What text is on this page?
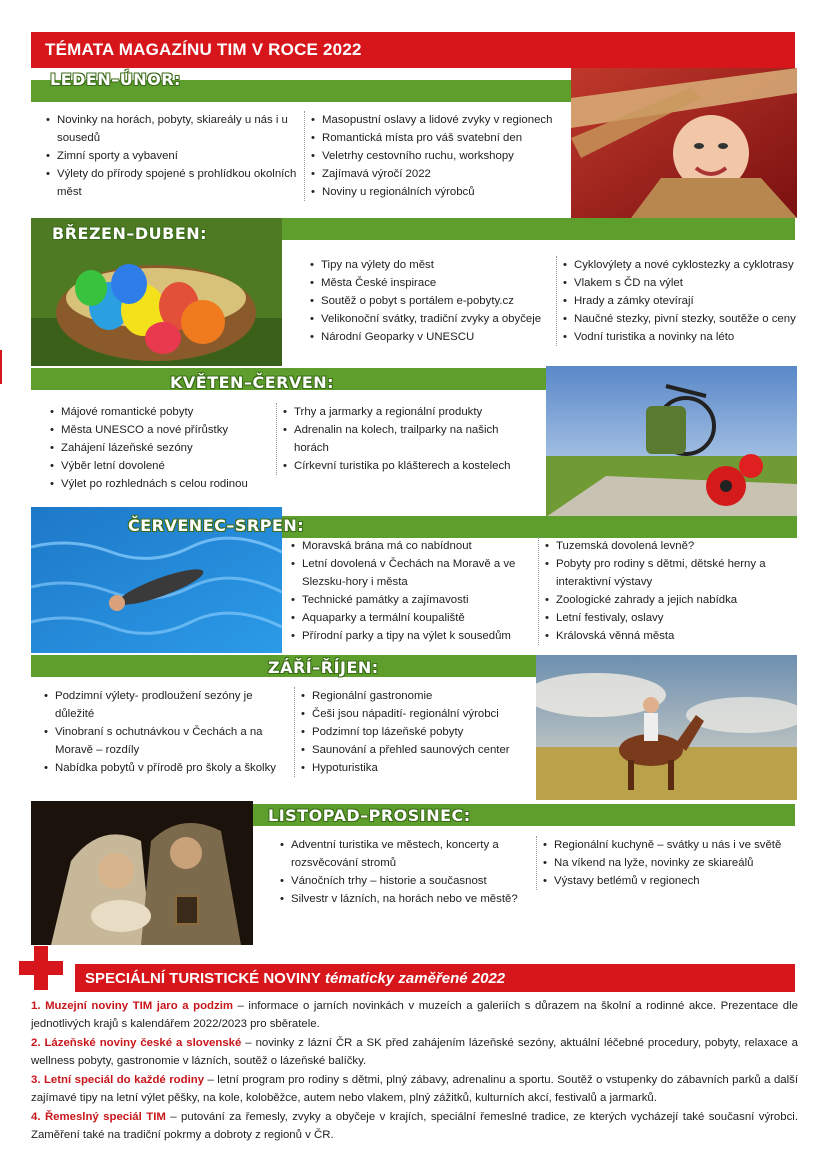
TÉMATA MAGAZÍNU TIM V ROCE 2022
LEDEN–ÚNOR:
• Novinky na horách, pobyty, skiareály u nás i u sousedů
• Zimní sporty a vybavení
• Výlety do přírody spojené s prohlídkou okolních měst
• Masopustní oslavy a lidové zvyky v regionech
• Romantická místa pro váš svatební den
• Veletrhy cestovního ruchu, workshopy
• Zajímavá výročí 2022
• Noviny u regionálních výrobců
BŘEZEN–DUBEN:
• Tipy na výlety do měst
• Města České inspirace
• Soutěž o pobyt s portálem e-pobyty.cz
• Velikonoční svátky, tradiční zvyky a obyčeje
• Národní Geoparky v UNESCU
• Cyklovýlety a nové cyklostezky a cyklotrasy
• Vlakem s ČD na výlet
• Hrady a zámky otevírají
• Naučné stezky, pivní stezky, soutěže o ceny
• Vodní turistika a novinky na léto
KVĚTEN–ČERVEN:
• Májové romantické pobyty
• Města UNESCO a nové přírůstky
• Zahájení lázeňské sezóny
• Výběr letní dovolené
• Výlet po rozhlednách s celou rodinou
• Trhy a jarmarky a regionální produkty
• Adrenalin na kolech, trailparky na našich horách
• Církevní turistika po klášterech a kostelech
ČERVENEC–SRPEN:
• Moravská brána má co nabídnout
• Letní dovolená v Čechách na Moravě a ve Slezsku-hory i města
• Technické památky a zajímavosti
• Aquaparky a termální koupaliště
• Přírodní parky a tipy na výlet k sousedům
• Tuzemská dovolená levně?
• Pobyty pro rodiny s dětmi, dětské herny a interaktivní výstavy
• Zoologické zahrady a jejich nabídka
• Letní festivaly, oslavy
• Královská věnná města
ZÁŘÍ–ŘÍJEN:
• Podzimní výlety- prodloužení sezóny je důležité
• Vinobraní s ochutnávkou v Čechách a na Moravě – rozdíly
• Nabídka pobytů v přírodě pro školy a školky
• Regionální gastronomie
• Češi jsou nápadití- regionální výrobci
• Podzimní top lázeňské pobyty
• Saunování a přehled saunových center
• Hypoturistika
LISTOPAD–PROSINEC:
• Adventní turistika ve městech, koncerty a rozsvěcování stromů
• Vánočních trhy – historie a současnost
• Silvestr v lázních, na horách nebo ve městě?
• Regionální kuchyně – svátky u nás i ve světě
• Na víkend na lyže, novinky ze skiareálů
• Výstavy betlémů v regionech
SPECIÁLNÍ TURISTICKÉ NOVINY tématicky zaměřené 2022
1. Muzejní noviny TIM jaro a podzim – informace o jarních novinkách v muzeích a galeriích s důrazem na školní a rodinné akce. Prezentace dle jednotlivých krajů s kalendářem 2022/2023 pro sběratele.
2. Lázeňské noviny české a slovenské – novinky z lázní ČR a SK před zahájením lázeňské sezóny, aktuální léčebné procedury, pobyty, relaxace a wellness pobyty, gastronomie v lázních, soutěž o lázeňské balíčky.
3. Letní speciál do každé rodiny – letní program pro rodiny s dětmi, plný zábavy, adrenalinu a sportu. Soutěž o vstupenky do zábavních parků a další zajímavé tipy na letní výlet pěšky, na kole, koloběžce, autem nebo vlakem, plný zážitků, kulturních akcí, festivalů a jarmarků.
4. Řemeslný speciál TIM – putování za řemesly, zvyky a obyčeje v krajích, speciální řemeslné tradice, ze kterých vycházejí také současní výrobci. Zaměření také na tradiční pokrmy a dobroty z regionů v ČR.
